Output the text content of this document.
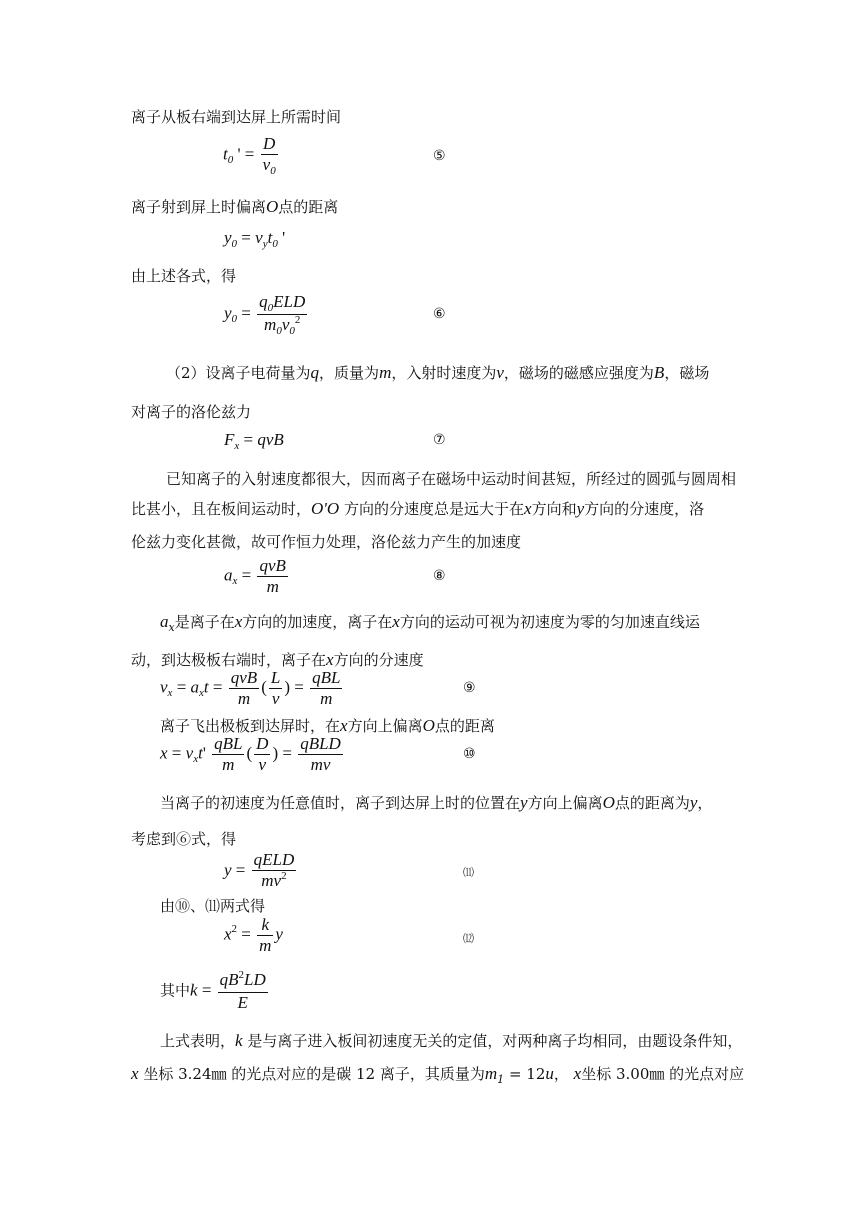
离子从板右端到达屏上所需时间
$t_0$ ' = $\frac{D}{v_0}$	⑤
离子射到屏上时偏离O点的距离
$y_0 = v_yt_0$ '
由上述各式，得
$y_0 = \frac{q_0ELD}{m_0v_0^2}$	⑥
（2）设离子电荷量为q，质量为m，入射时速度为v，磁场的磁感应强度为B，磁场
对离子的洛伦兹力
$F_x$ = qvB	⑦
已知离子的入射速度都很大，因而离子在磁场中运动时间甚短，所经过的圆弧与圆周相
比甚小，且在板间运动时，O'O 方向的分速度总是远大于在x方向和y方向的分速度，洛
伦兹力变化甚微，故可作恒力处理，洛伦兹力产生的加速度
$a_x = \frac{\text{qvB}}{m}$	⑧
$a_x$是离子在x方向的加速度，离子在x方向的运动可视为初速度为零的匀加速直线运
动，到达极板右端时，离子在x方向的分速度
$v_x = a_xt = \frac{\text{qvB}}{m}$ ( $\frac{L}{v}$ ) = $\frac{\text{qBL}}{m}$	⑨
离子飞出极板到达屏时，在x方向上偏离O点的距离
$x = v_xt' \frac{\text{qBL}}{m}$ ( $\frac{D}{v}$ ) = $\frac{\text{qBLD}}{mv}$	⑩
当离子的初速度为任意值时，离子到达屏上时的位置在y方向上偏离O点的距离为y，
考虑到⑥式，得
$y = \frac{\text{qELD}}{mv^2}$	⑾
由⑩、⑾两式得
$x^2 = \frac{k}{m}$ y	⑿
其中$k = \frac{qB^2LD}{E}$
上式表明，k 是与离子进入板间初速度无关的定值，对两种离子均相同，由题设条件知，
x 坐标 3.24㎜ 的光点对应的是碳 12 离子，其质量为$m_1 = 12u$， x坐标 3.00㎜ 的光点对应
